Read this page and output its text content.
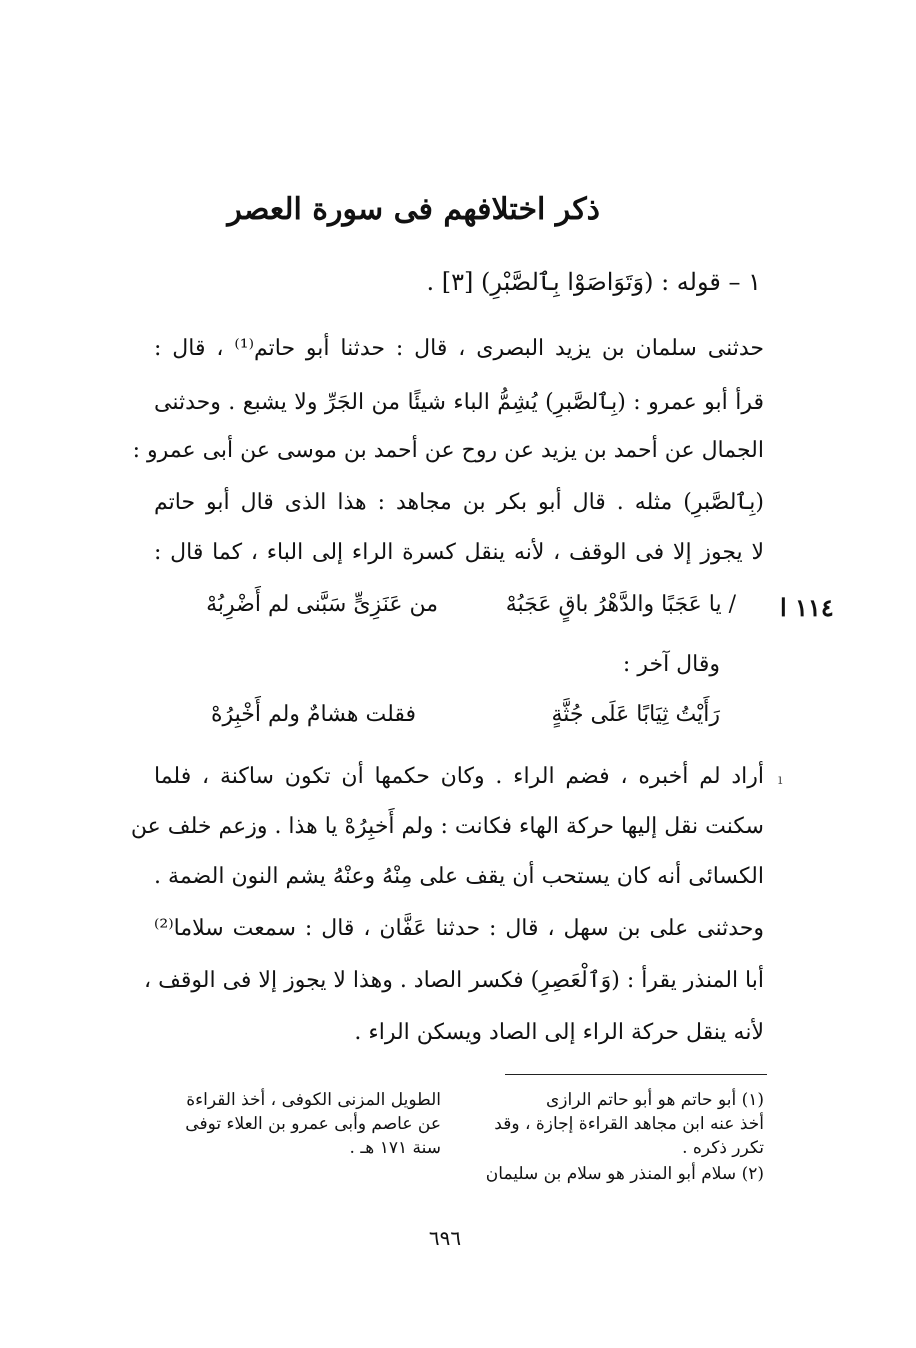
ذكر اختلافهم فى سورة العصر
١ – قوله : (وَتَوَاصَوْا بِٱلصَّبْرِ) [٣] .
حدثنى سلمان بن يزيد البصرى ، قال : حدثنا أبو حاتم⁽¹⁾ ، قال :
قرأ أبو عمرو : (بِٱلصَّبرِ) يُشِمُّ الباء شيئًا من الجَرِّ ولا يشبع . وحدثنى
الجمال عن أحمد بن يزيد عن روح عن أحمد بن موسى عن أبى عمرو :
(بِٱلصَّبرِ) مثله . قال أبو بكر بن مجاهد : هذا الذى قال أبو حاتم
لا يجوز إلا فى الوقف ، لأنه ينقل كسرة الراء إلى الباء ، كما قال :
/ يا عَجَبًا والدَّهْرُ باقٍ عَجَبُهْ
من عَنَزِىٍّ سَبَّنى لم أَضْرِبُهْ	١١٤ ا
وقال آخر :
رَأَيْتُ ثِيَابًا عَلَى جُثَّةٍ
فقلت هشامٌ ولم أَخْبِرُهْ
أراد لم أخبره ، فضم الراء . وكان حكمها أن تكون ساكنة ، فلما
سكنت نقل إليها حركة الهاء فكانت : ولم أَخبِرُهْ يا هذا . وزعم خلف عن
الكسائى أنه كان يستحب أن يقف على مِنْهُ وعنْهُ يشم النون الضمة .
وحدثنى على بن سهل ، قال : حدثنا عَفَّان ، قال : سمعت سلاما⁽²⁾
أبا المنذر يقرأ : (وَٱلْعَصِرِ) فكسر الصاد . وهذا لا يجوز إلا فى الوقف ،
لأنه ينقل حركة الراء إلى الصاد ويسكن الراء .
(١) أبو حاتم هو أبو حاتم الرازى
أخذ عنه ابن مجاهد القراءة إجازة ، وقد
تكرر ذكره .
الطويل المزنى الكوفى ، أخذ القراءة
عن عاصم وأبى عمرو بن العلاء توفى
سنة ١٧١ هـ .
(٢) سلام أبو المنذر هو سلام بن سليمان
٦٩٦
ı
